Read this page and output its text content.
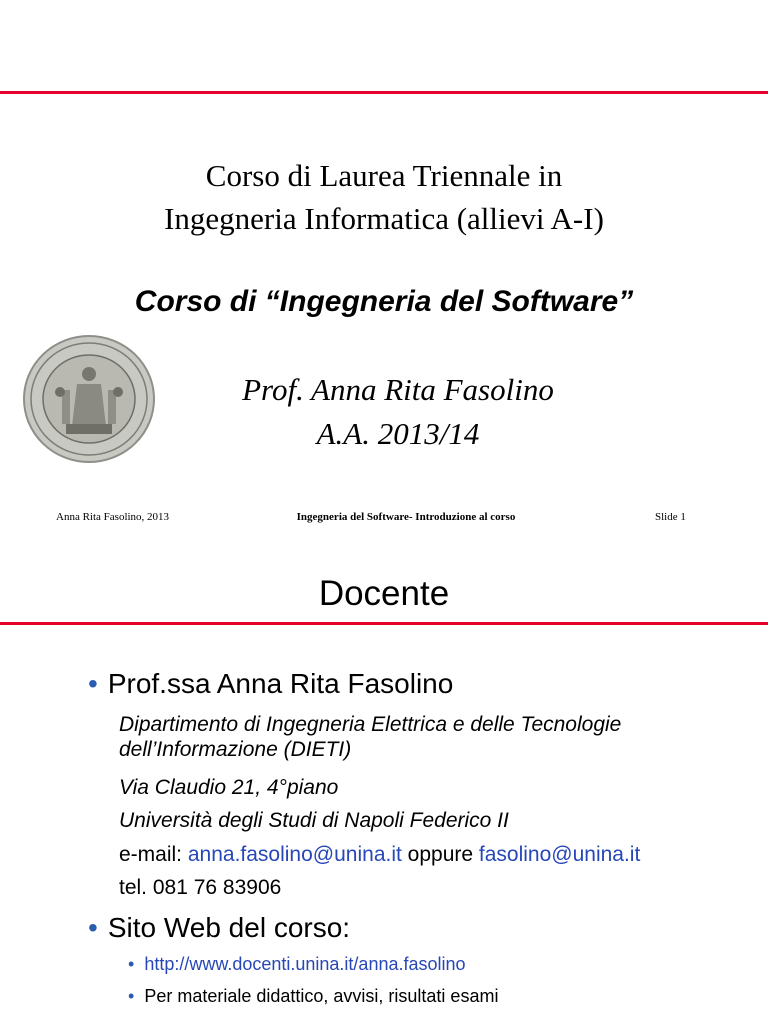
Corso di Laurea Triennale in
Ingegneria Informatica (allievi A-I)
Corso di “Ingegneria del Software”
Prof. Anna Rita Fasolino
A.A. 2013/14
Anna Rita Fasolino, 2013	Ingegneria del Software- Introduzione al corso	Slide 1
Docente
• Prof.ssa Anna Rita Fasolino
Dipartimento di Ingegneria Elettrica e delle Tecnologie
dell’Informazione (DIETI)
Via Claudio 21, 4°piano
Università degli Studi di Napoli Federico II
e-mail: anna.fasolino@unina.it oppure fasolino@unina.it
tel. 081 76 83906
• Sito Web del corso:
• http://www.docenti.unina.it/anna.fasolino
• Per materiale didattico, avvisi, risultati esami
